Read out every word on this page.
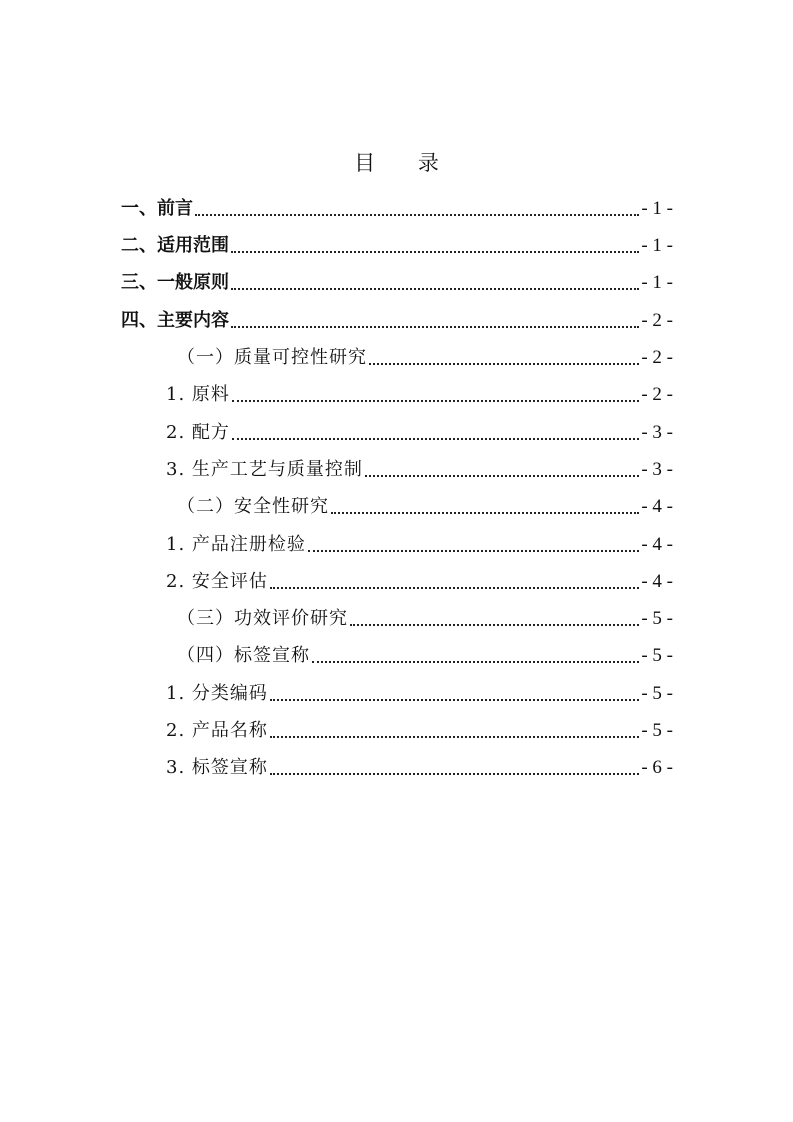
目 录
一、前言	- 1 -
二、适用范围	- 1 -
三、一般原则	- 1 -
四、主要内容	- 2 -
（一）质量可控性研究	- 2 -
1. 原料	- 2 -
2. 配方	- 3 -
3. 生产工艺与质量控制	- 3 -
（二）安全性研究	- 4 -
1. 产品注册检验	- 4 -
2. 安全评估	- 4 -
（三）功效评价研究	- 5 -
（四）标签宣称	- 5 -
1. 分类编码	- 5 -
2. 产品名称	- 5 -
3. 标签宣称	- 6 -
